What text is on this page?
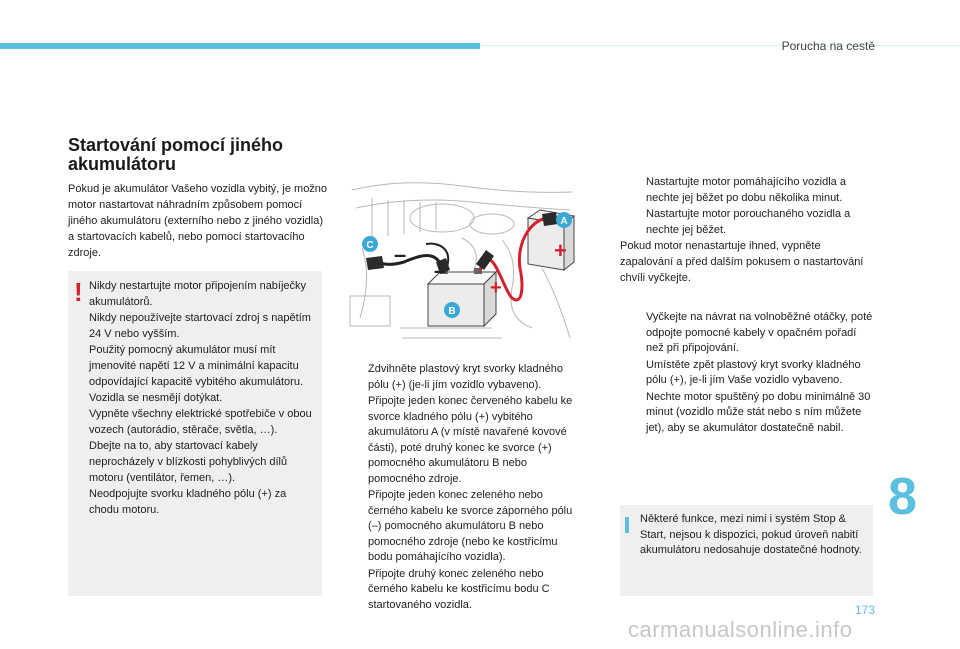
Porucha na cestě
Startování pomocí jiného
akumulátoru

Pokud je akumulátor Vašeho vozidla vybitý, je možno motor nastartovat náhradním způsobem pomocí jiného akumulátoru (externího nebo z jiného vozidla) a startovacích kabelů, nebo pomocí startovacího zdroje.

! Nikdy nestartujte motor připojením nabíječky akumulátorů.
Nikdy nepoužívejte startovací zdroj s napětím 24 V nebo vyšším.
Použitý pomocný akumulátor musí mít jmenovité napětí 12 V a minimální kapacitu odpovídající kapacitě vybitého akumulátoru.
Vozidla se nesmějí dotýkat.
Vypněte všechny elektrické spotřebiče v obou vozech (autorádio, stěrače, světla, …).
Dbejte na to, aby startovací kabely neprocházely v blízkosti pohyblivých dílů motoru (ventilátor, řemen, …).
Neodpojujte svorku kladného pólu (+) za chodu motoru.

+
+
–
–
A
B
C
Zdvihněte plastový kryt svorky kladného pólu (+) (je-li jím vozidlo vybaveno).
Připojte jeden konec červeného kabelu ke svorce kladného pólu (+) vybitého akumulátoru A (v místě navařené kovové části), poté druhý konec ke svorce (+) pomocného akumulátoru B nebo pomocného zdroje.
Připojte jeden konec zeleného nebo černého kabelu ke svorce záporného pólu (–) pomocného akumulátoru B nebo pomocného zdroje (nebo ke kostřicímu bodu pomáhajícího vozidla).
Připojte druhý konec zeleného nebo černého kabelu ke kostřicímu bodu C startovaného vozidla.
Nastartujte motor pomáhajícího vozidla a nechte jej běžet po dobu několika minut.
Nastartujte motor porouchaného vozidla a nechte jej běžet.

Pokud motor nenastartuje ihned, vypněte zapalování a před dalším pokusem o nastartování chvíli vyčkejte.

Vyčkejte na návrat na volnoběžné otáčky, poté odpojte pomocné kabely v opačném pořadí než při připojování.
Umístěte zpět plastový kryt svorky kladného pólu (+), je-li jím Vaše vozidlo vybaveno.
Nechte motor spuštěný po dobu minimálně 30 minut (vozidlo může stát nebo s ním můžete jet), aby se akumulátor dostatečně nabil.

Některé funkce, mezi nimi i systém Stop & Start, nejsou k dispozici, pokud úroveň nabití akumulátoru nedosahuje dostatečné hodnoty.

8
173
carmanualsonline.info
